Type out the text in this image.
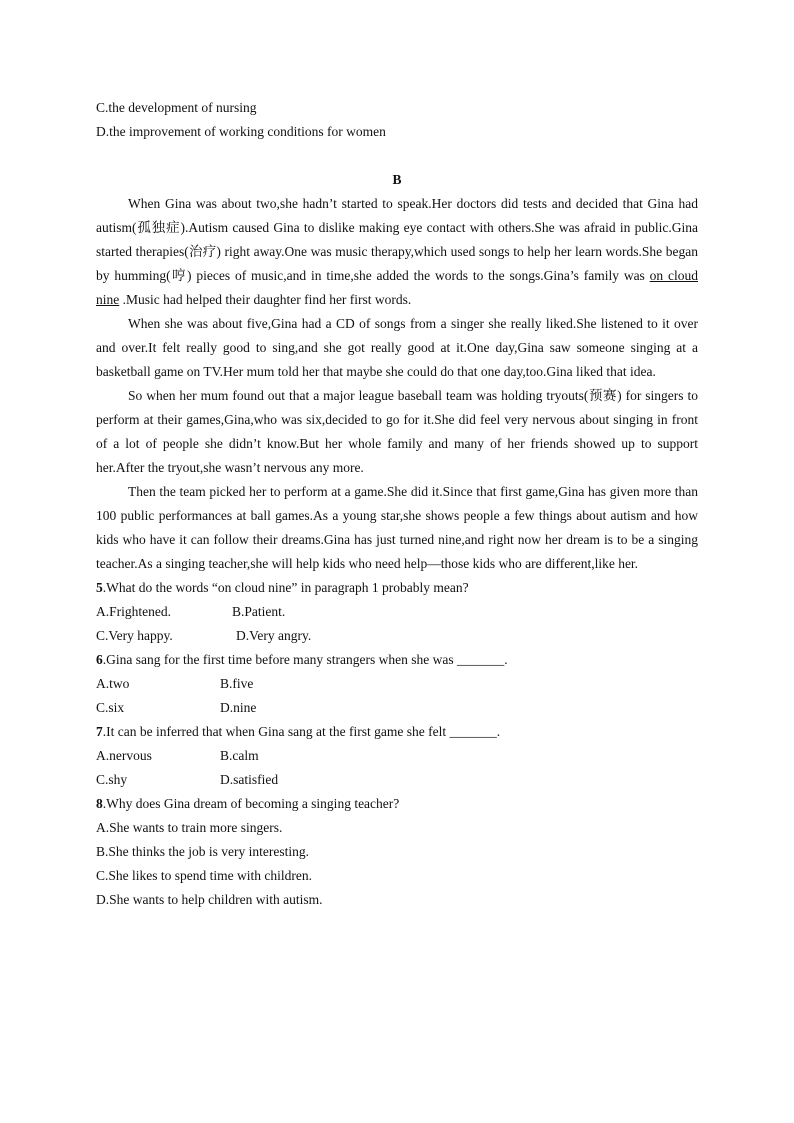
C.the development of nursing
D.the improvement of working conditions for women
B

When Gina was about two,she hadn’t started to speak.Her doctors did tests and decided that Gina had autism(孤独症).Autism caused Gina to dislike making eye contact with others.She was afraid in public.Gina started therapies(治疗) right away.One was music therapy,which used songs to help her learn words.She began by humming(哼) pieces of music,and in time,she added the words to the songs.Gina’s family was on cloud nine .Music had helped their daughter find her first words.

When she was about five,Gina had a CD of songs from a singer she really liked.She listened to it over and over.It felt really good to sing,and she got really good at it.One day,Gina saw someone singing at a basketball game on TV.Her mum told her that maybe she could do that one day,too.Gina liked that idea.

So when her mum found out that a major league baseball team was holding tryouts(预赛) for singers to perform at their games,Gina,who was six,decided to go for it.She did feel very nervous about singing in front of a lot of people she didn’t know.But her whole family and many of her friends showed up to support her.After the tryout,she wasn’t nervous any more.

Then the team picked her to perform at a game.She did it.Since that first game,Gina has given more than 100 public performances at ball games.As a young star,she shows people a few things about autism and how kids who have it can follow their dreams.Gina has just turned nine,and right now her dream is to be a singing teacher.As a singing teacher,she will help kids who need help—those kids who are different,like her.

5.What do the words “on cloud nine” in paragraph 1 probably mean?
A.Frightened.	B.Patient.
C.Very happy.	D.Very angry.
6.Gina sang for the first time before many strangers when she was _______.
A.two	B.five
C.six	D.nine
7.It can be inferred that when Gina sang at the first game she felt _______.
A.nervous	B.calm
C.shy	D.satisfied
8.Why does Gina dream of becoming a singing teacher?
A.She wants to train more singers.
B.She thinks the job is very interesting.
C.She likes to spend time with children.
D.She wants to help children with autism.
